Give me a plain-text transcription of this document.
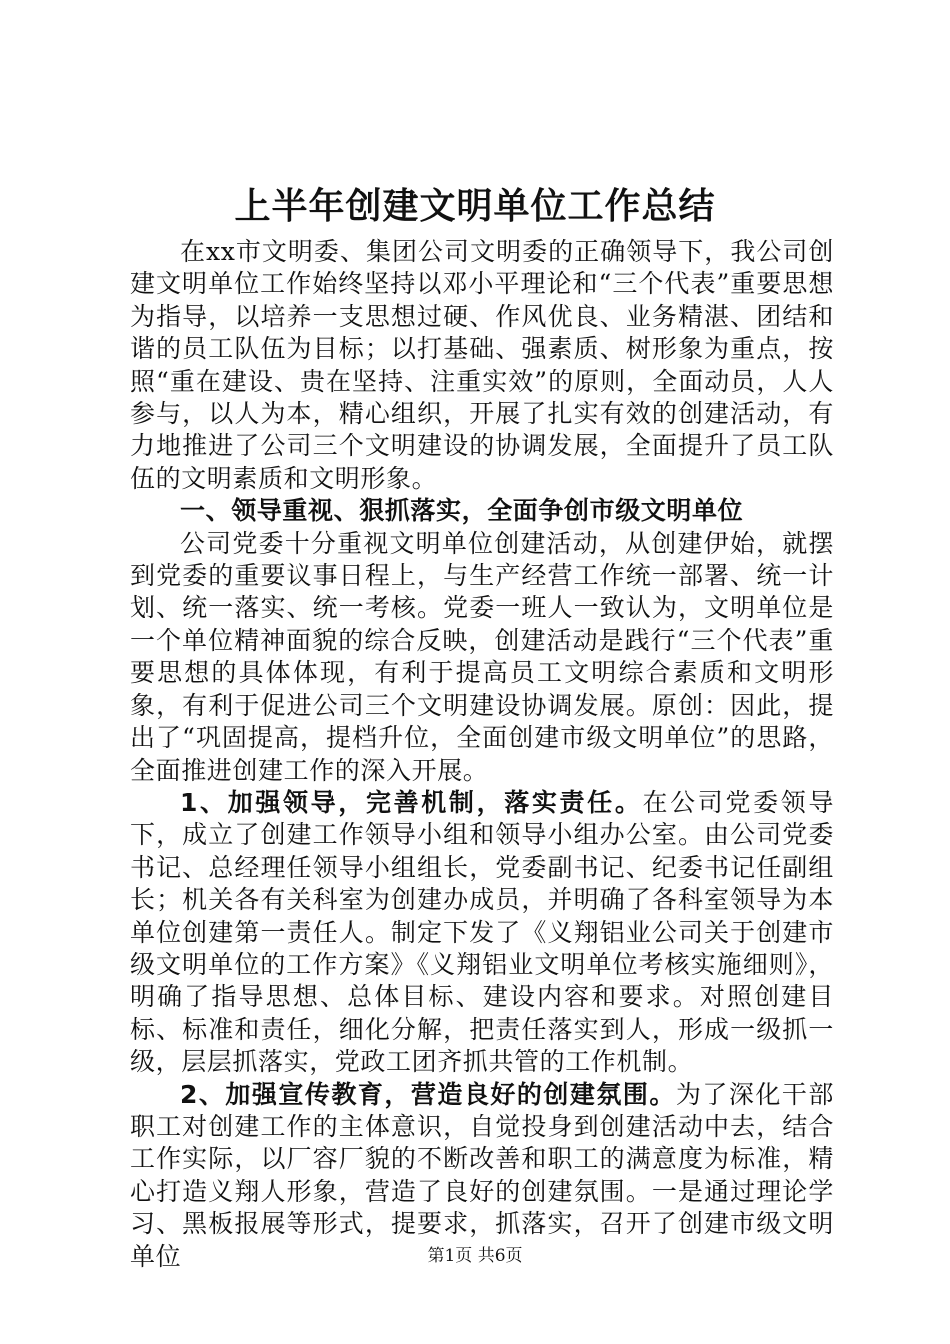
上半年创建文明单位工作总结

在xx市文明委、集团公司文明委的正确领导下，我公司创建文明单位工作始终坚持以邓小平理论和“三个代表”重要思想为指导，以培养一支思想过硬、作风优良、业务精湛、团结和谐的员工队伍为目标；以打基础、强素质、树形象为重点，按照“重在建设、贵在坚持、注重实效”的原则，全面动员，人人参与，以人为本，精心组织，开展了扎实有效的创建活动，有力地推进了公司三个文明建设的协调发展，全面提升了员工队伍的文明素质和文明形象。

一、领导重视、狠抓落实，全面争创市级文明单位

公司党委十分重视文明单位创建活动，从创建伊始，就摆到党委的重要议事日程上，与生产经营工作统一部署、统一计划、统一落实、统一考核。党委一班人一致认为，文明单位是一个单位精神面貌的综合反映，创建活动是践行“三个代表”重要思想的具体体现，有利于提高员工文明综合素质和文明形象，有利于促进公司三个文明建设协调发展。原创：因此，提出了“巩固提高，提档升位，全面创建市级文明单位”的思路，全面推进创建工作的深入开展。

1、加强领导，完善机制，落实责任。在公司党委领导下，成立了创建工作领导小组和领导小组办公室。由公司党委书记、总经理任领导小组组长，党委副书记、纪委书记任副组长；机关各有关科室为创建办成员，并明确了各科室领导为本单位创建第一责任人。制定下发了《义翔铝业公司关于创建市级文明单位的工作方案》《义翔铝业文明单位考核实施细则》，明确了指导思想、总体目标、建设内容和要求。对照创建目标、标准和责任，细化分解，把责任落实到人，形成一级抓一级，层层抓落实，党政工团齐抓共管的工作机制。

2、加强宣传教育，营造良好的创建氛围。为了深化干部职工对创建工作的主体意识，自觉投身到创建活动中去，结合工作实际，以厂容厂貌的不断改善和职工的满意度为标准，精心打造义翔人形象，营造了良好的创建氛围。一是通过理论学习、黑板报展等形式，提要求，抓落实，召开了创建市级文明单位	第1页 共6页
